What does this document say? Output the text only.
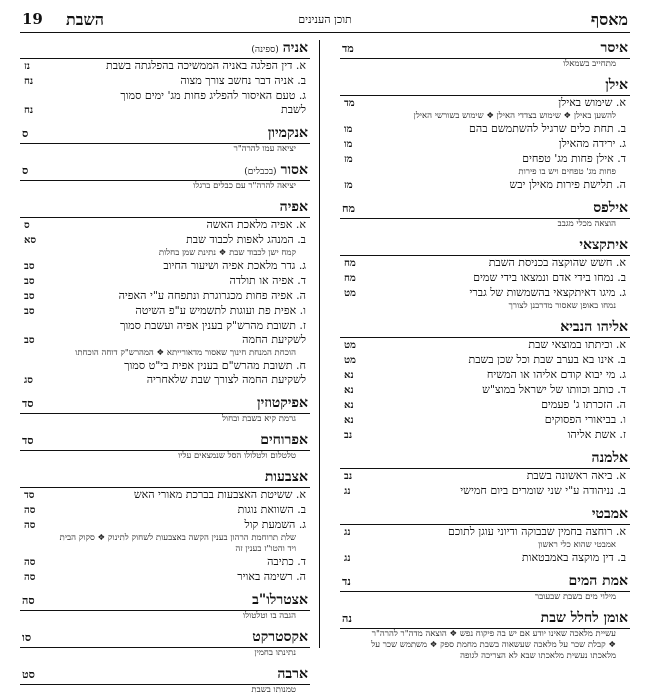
מאסף
תוכן הענינים
השבת
19
איסר
מד
מתחייב בשמאלו
אילן
א. שימוש באילן
מד
להשען באילן ❖ שימוש בצדדי האילן ❖ שימוש בשורשי האילן
ב. תחת כלים שרגיל להשתמשם בהם
מו
ג. ירידה מהאילן
מו
ד. אילן פחות מג' טפחים
מז
פחות מג' טפחים ויש בו פירות
ה. תלישת פירות מאילן יבש
מז
אילפס
מח
הוצאה מכלי מגבב
איתקצאי
א. חשש שהוקצה בכניסת השבת
מח
ב. נמחו בידי אדם ונמצאו בידי שמים
מח
ג. מיגו דאיתקצאי בהשמשות של גברי
מט
נמחו באופן שאסור מדרבנן לצורך
אליהו הנביא
א. וכיתתו במוצאי שבת
מט
ב. אינו בא בערב שבת וכל שכן בשבת
מט
ג. מי יבוא קודם אליהו או המשיח
נא
ד. כותב וכוותו של ישראל במוצ"ש
נא
ה. הזכרתו ג' פעמים
נא
ו. בביאורי הפסוקים
נא
ז. אשת אליהו
נב
אלמנה
א. ביאה ראשונה בשבת
נב
ב. נניהודה ע"י שני שומרים ביום חמישי
נג
אמבטי
א. רוחצה בחמין שבבוקה ודיוני עוגן לתוכם
נג
אמבטי שהוא כלי ראשון
ב. דין מוקצה באמבטאות
נג
אמת המים
נד
מילוי מים בשבת שבעובר
אומן לחלל שבת
נה
עשיית מלאכה שאינו יודע אם יש בה פיקוח נפש ❖ הוצאה מדה"ר להרה"ר ❖ קבלת שכר על מלאכה שעשאוה בשבת מחמת ספק ❖ משתמש שכר על מלאכתו נעשית מלאכתו שבא לא הצריכה לגופה
אניה(ספינה)
א. דין הפלגה באניה הממשיכה בהפלגתה בשבת
נז
ב. אניה דבר נחשב צורך מצוה
נח
ג. טעם האיסור להפליג פחות מג' ימים סמוך
לשבת
נח
אנקמיון
ס
יציאה עמו להרה"ר
אסור(בכבלים)
ס
יציאה להרה"ר עם כבלים ברגלו
אפיה
א. אפיה מלאכת האשה
ס
ב. המנהג לאפות לכבוד שבת
סא
קמח ישן לכבוד שבת ❖ נתינת שמן בחלות
ג. גדר מלאכת אפיה ושיעור החיוב
סב
ד. אפיה או תולדה
סב
ה. אפיה פחות מכגרוגרת ונתפחה ע"י האפיה
סב
ו. אפית פת ועוגות לתשמיש ע"פ השיטה
סב
ז. תשובת מהרש"ק בענין אפיה ועשבת סמוך
לשקיעת החמה
סב
הוכחת המנחת חינוך שאסור מדאורייתא ❖ המהרש"ק דוחה הוכחתו
ח. תשובת מהרש"ם בענין אפית בי"ט סמוך
לשקיעת החמה לצורך שבת שלאחריה
סג
אפיקטוזין
סד
גרמת קיא בשבת ובחול
אפרוחים
סד
טלטלום ולטלולו הסל שנמצאים עליו
אצבעות
א. ששיטת האצבעות בברכת מאורי האש
סד
ב. השוואת נוגות
סה
ג. השמעת קול
סה
שלת תרוחמת הרהון בענין הקשה באצבעות לשחוק לתינוק ❖ סקוק הבית ויד והטו"ז בענין זה
ד. כתיבה
סה
ה. רשימה באויר
סה
אצטרלו"ב
סה
הגבה בו וטלטולו
אקסטרקט
סו
נתינתו בחמין
ארבה
סט
טמנותו בשבת
